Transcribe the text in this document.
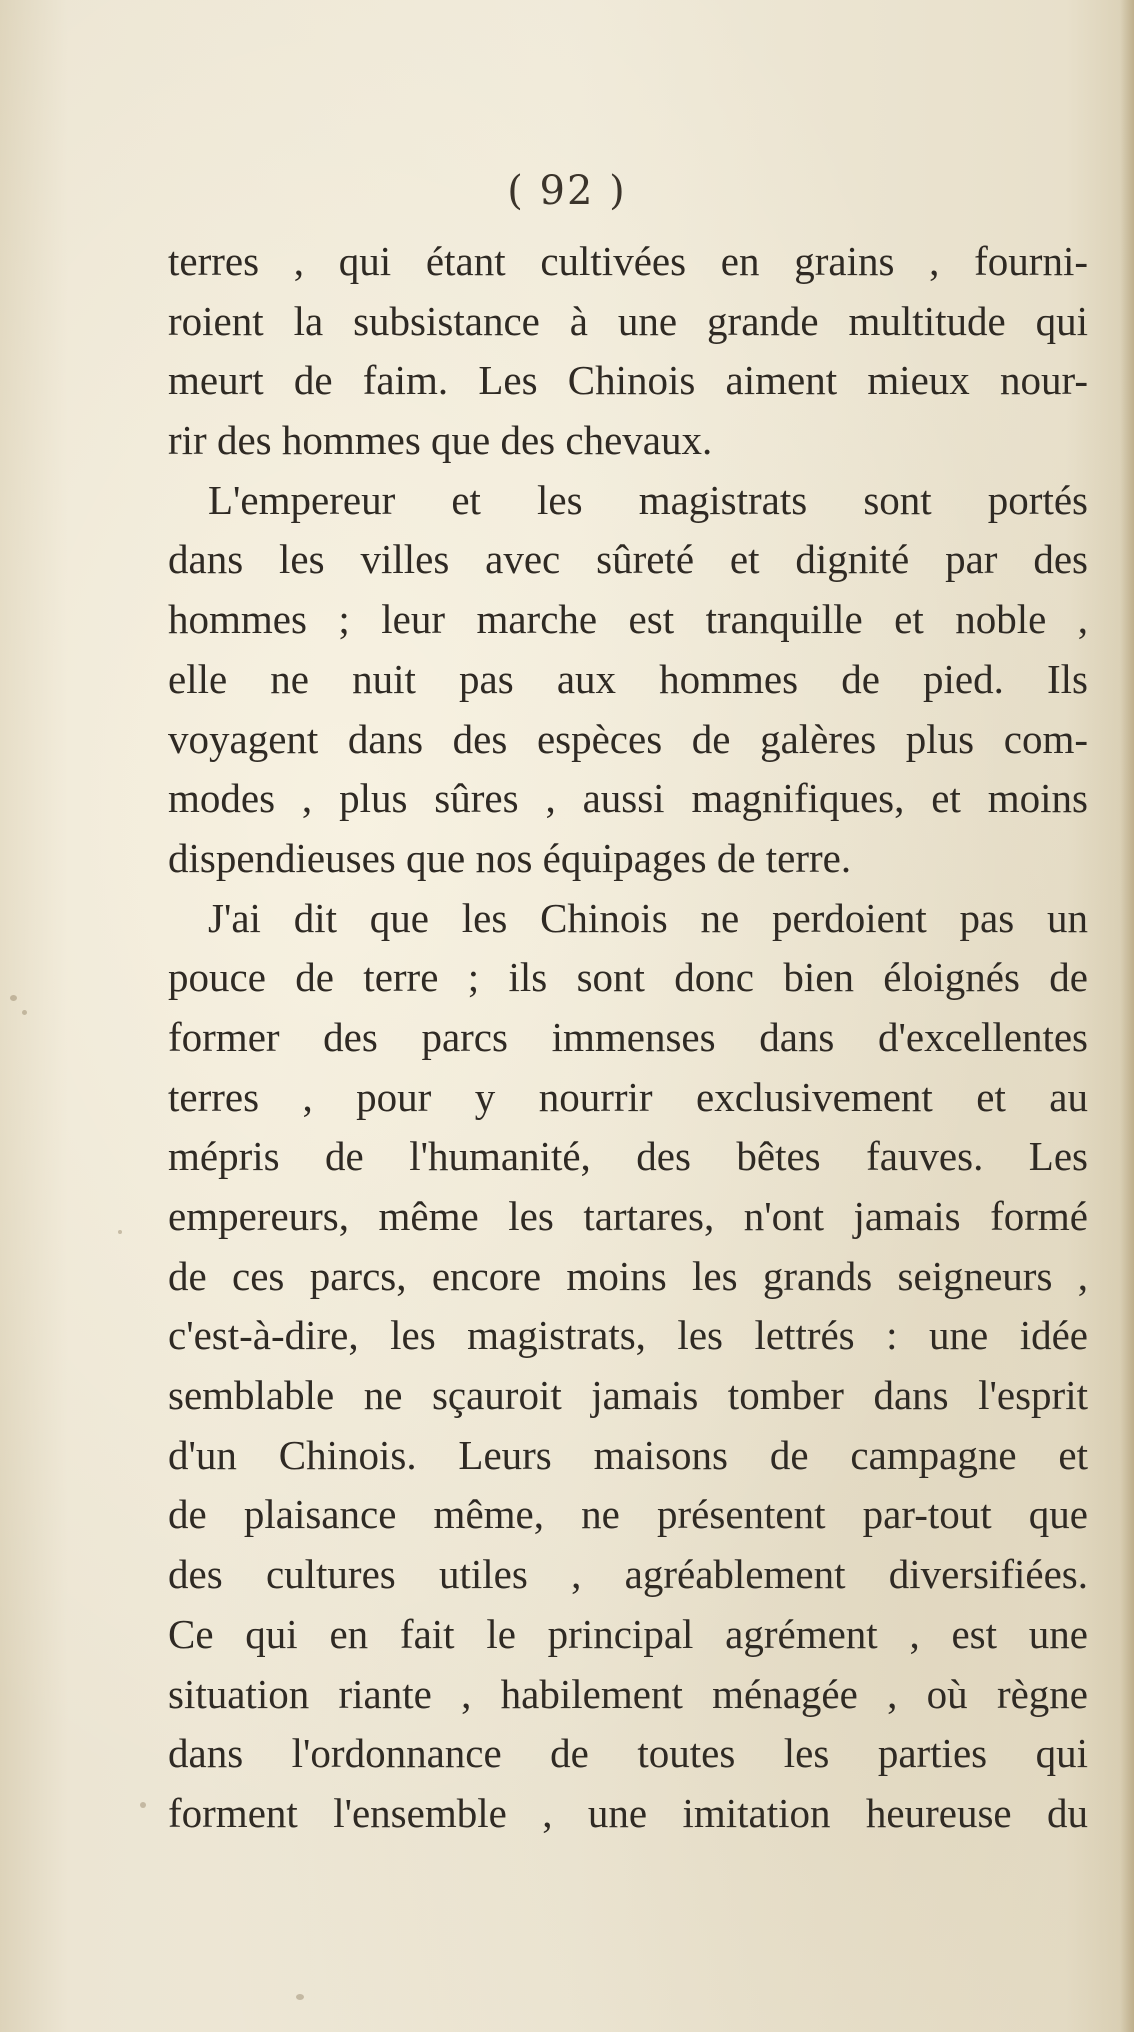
( 92 )
terres , qui étant cultivées en grains , fourni-
roient la subsistance à une grande multitude qui
meurt de faim. Les Chinois aiment mieux nour-
rir des hommes que des chevaux.
L'empereur et les magistrats sont portés
dans les villes avec sûreté et dignité par des
hommes ; leur marche est tranquille et noble ,
elle ne nuit pas aux hommes de pied. Ils
voyagent dans des espèces de galères plus com-
modes , plus sûres , aussi magnifiques, et moins
dispendieuses que nos équipages de terre.
J'ai dit que les Chinois ne perdoient pas un
pouce de terre ; ils sont donc bien éloignés de
former des parcs immenses dans d'excellentes
terres , pour y nourrir exclusivement et au
mépris de l'humanité, des bêtes fauves. Les
empereurs, même les tartares, n'ont jamais formé
de ces parcs, encore moins les grands seigneurs ,
c'est-à-dire, les magistrats, les lettrés : une idée
semblable ne sçauroit jamais tomber dans l'esprit
d'un Chinois. Leurs maisons de campagne et
de plaisance même, ne présentent par-tout que
des cultures utiles , agréablement diversifiées.
Ce qui en fait le principal agrément , est une
situation riante , habilement ménagée , où règne
dans l'ordonnance de toutes les parties qui
forment l'ensemble , une imitation heureuse du
